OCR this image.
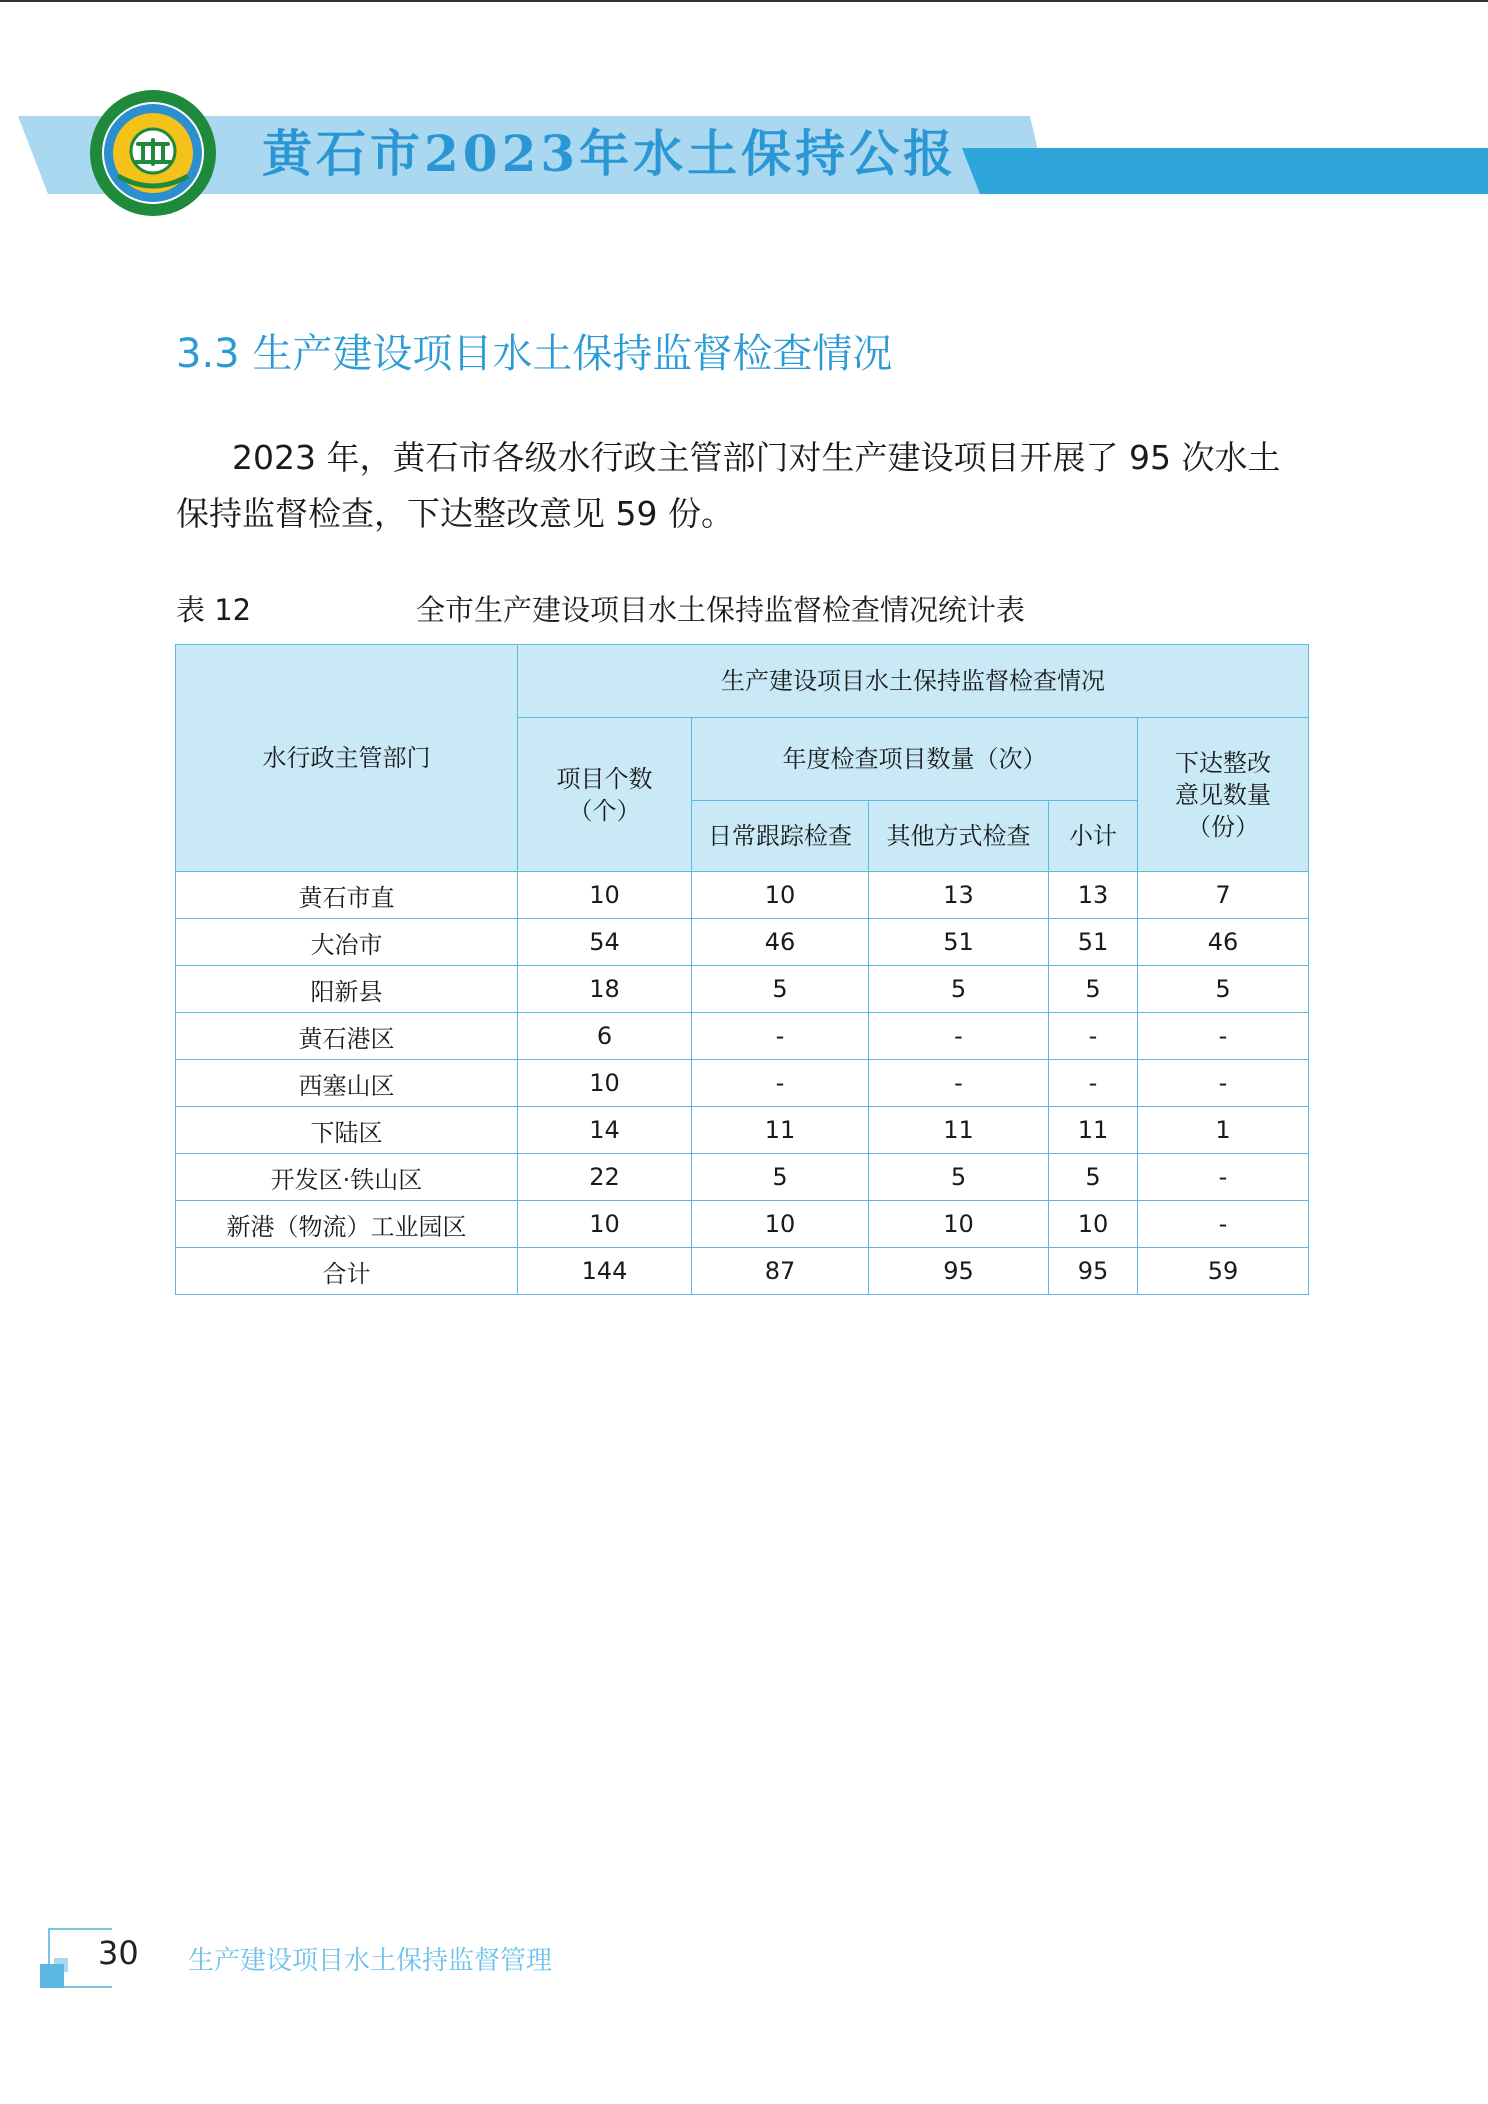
黄石市2023年水土保持公报
3.3 生产建设项目水土保持监督检查情况
2023 年，黄石市各级水行政主管部门对生产建设项目开展了 95 次水土保持监督检查，下达整改意见 59 份。
表 12	全市生产建设项目水土保持监督检查情况统计表
水行政主管部门	生产建设项目水土保持监督检查情况				
	项目个数（个）	年度检查项目数量（次）			下达整改意见数量（份）
		日常跟踪检查	其他方式检查	小计	
黄石市直	10	10	13	13	7
大冶市	54	46	51	51	46
阳新县	18	5	5	5	5
黄石港区	6	-	-	-	-
西塞山区	10	-	-	-	-
下陆区	14	11	11	11	1
开发区·铁山区	22	5	5	5	-
新港（物流）工业园区	10	10	10	10	-
合计	144	87	95	95	59
30 生产建设项目水土保持监督管理
